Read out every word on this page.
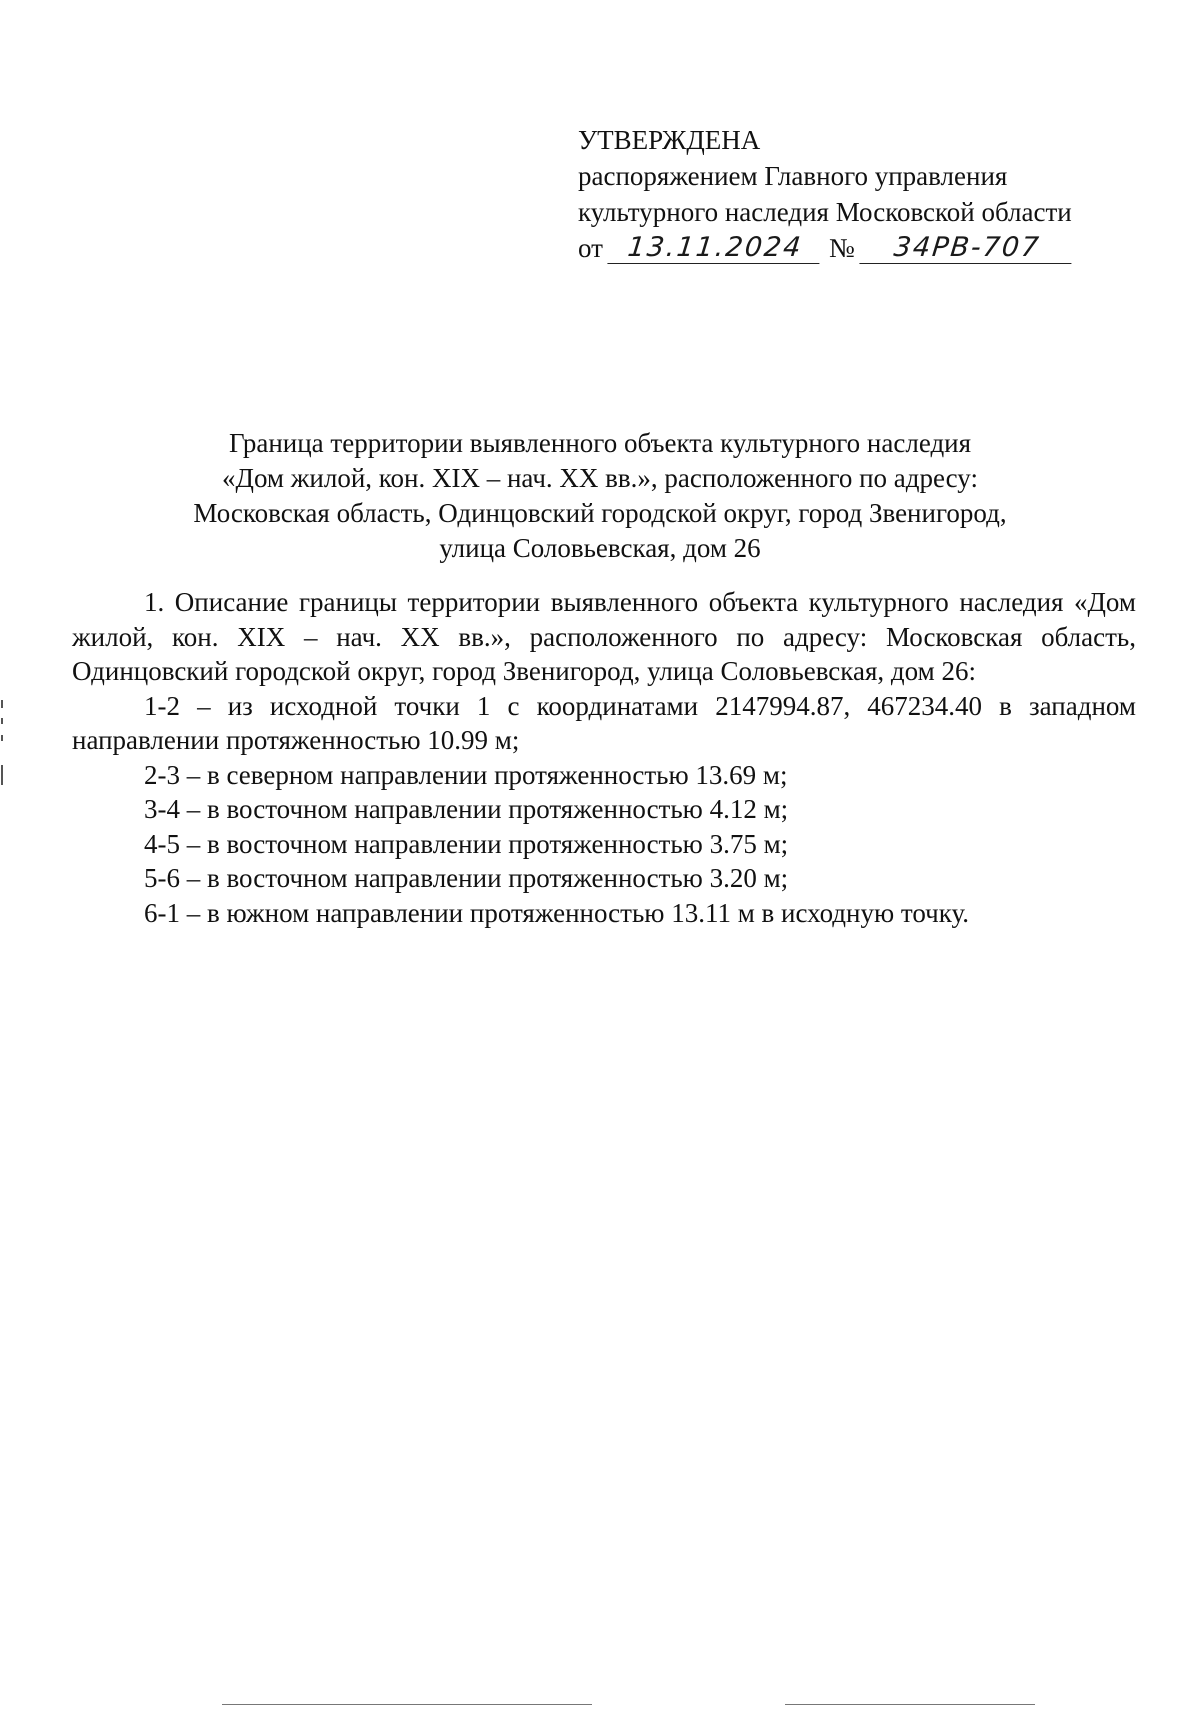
УТВЕРЖДЕНА
распоряжением Главного управления
культурного наследия Московской области
от 13.11.2024 №	34РВ-707
Граница территории выявленного объекта культурного наследия
«Дом жилой, кон. XIX – нач. XX вв.», расположенного по адресу:
Московская область, Одинцовский городской округ, город Звенигород,
улица Соловьевская, дом 26

1. Описание границы территории выявленного объекта культурного наследия «Дом жилой, кон. XIX – нач. XX вв.», расположенного по адресу: Московская область, Одинцовский городской округ, город Звенигород, улица Соловьевская, дом 26:

1-2 – из исходной точки 1 с координатами 2147994.87, 467234.40 в западном направлении протяженностью 10.99 м;

2-3 – в северном направлении протяженностью 13.69 м;

3-4 – в восточном направлении протяженностью 4.12 м;

4-5 – в восточном направлении протяженностью 3.75 м;

5-6 – в восточном направлении протяженностью 3.20 м;

6-1 – в южном направлении протяженностью 13.11 м в исходную точку.
